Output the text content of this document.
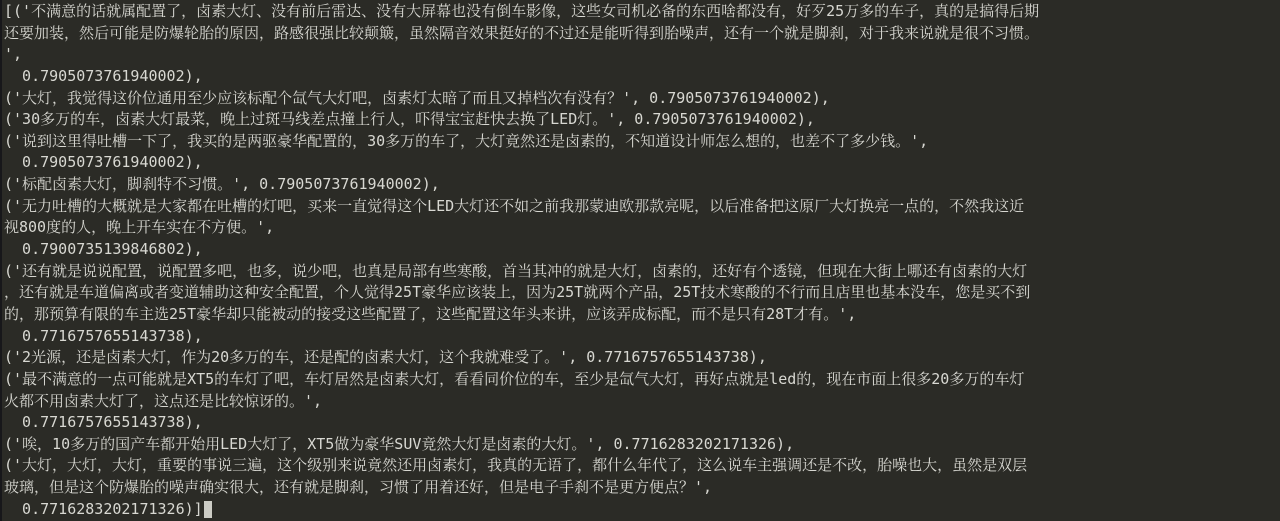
[('不满意的话就属配置了，卤素大灯、没有前后雷达、没有大屏幕也没有倒车影像，这些女司机必备的东西啥都没有，好歹25万多的车子，真的是搞得后期
还要加装，然后可能是防爆轮胎的原因，路感很强比较颠簸，虽然隔音效果挺好的不过还是能听得到胎噪声，还有一个就是脚刹，对于我来说就是很不习惯。
',
0.7905073761940002),
('大灯，我觉得这价位通用至少应该标配个氙气大灯吧，卤素灯太暗了而且又掉档次有没有？', 0.7905073761940002),
('30多万的车，卤素大灯最菜，晚上过斑马线差点撞上行人，吓得宝宝赶快去换了LED灯。', 0.7905073761940002),
('说到这里得吐槽一下了，我买的是两驱豪华配置的，30多万的车了，大灯竟然还是卤素的，不知道设计师怎么想的，也差不了多少钱。',
0.7905073761940002),
('标配卤素大灯，脚刹特不习惯。', 0.7905073761940002),
('无力吐槽的大概就是大家都在吐槽的灯吧，买来一直觉得这个LED大灯还不如之前我那蒙迪欧那款亮呢，以后准备把这原厂大灯换亮一点的，不然我这近
视800度的人，晚上开车实在不方便。',
0.7900735139846802),
('还有就是说说配置，说配置多吧，也多，说少吧，也真是局部有些寒酸，首当其冲的就是大灯，卤素的，还好有个透镜，但现在大街上哪还有卤素的大灯
，还有就是车道偏离或者变道辅助这种安全配置，个人觉得25T豪华应该装上，因为25T就两个产品，25T技术寒酸的不行而且店里也基本没车，您是买不到
的，那预算有限的车主选25T豪华却只能被动的接受这些配置了，这些配置这年头来讲，应该弄成标配，而不是只有28T才有。',
0.7716757655143738),
('2光源，还是卤素大灯，作为20多万的车，还是配的卤素大灯，这个我就难受了。', 0.7716757655143738),
('最不满意的一点可能就是XT5的车灯了吧，车灯居然是卤素大灯，看看同价位的车，至少是氙气大灯，再好点就是led的，现在市面上很多20多万的车灯
火都不用卤素大灯了，这点还是比较惊讶的。',
0.7716757655143738),
('唉，10多万的国产车都开始用LED大灯了，XT5做为豪华SUV竟然大灯是卤素的大灯。', 0.7716283202171326),
('大灯，大灯，大灯，重要的事说三遍，这个级别来说竟然还用卤素灯，我真的无语了，都什么年代了，这么说车主强调还是不改，胎噪也大，虽然是双层
玻璃，但是这个防爆胎的噪声确实很大，还有就是脚刹，习惯了用着还好，但是电子手刹不是更方便点？',
0.7716283202171326)]
